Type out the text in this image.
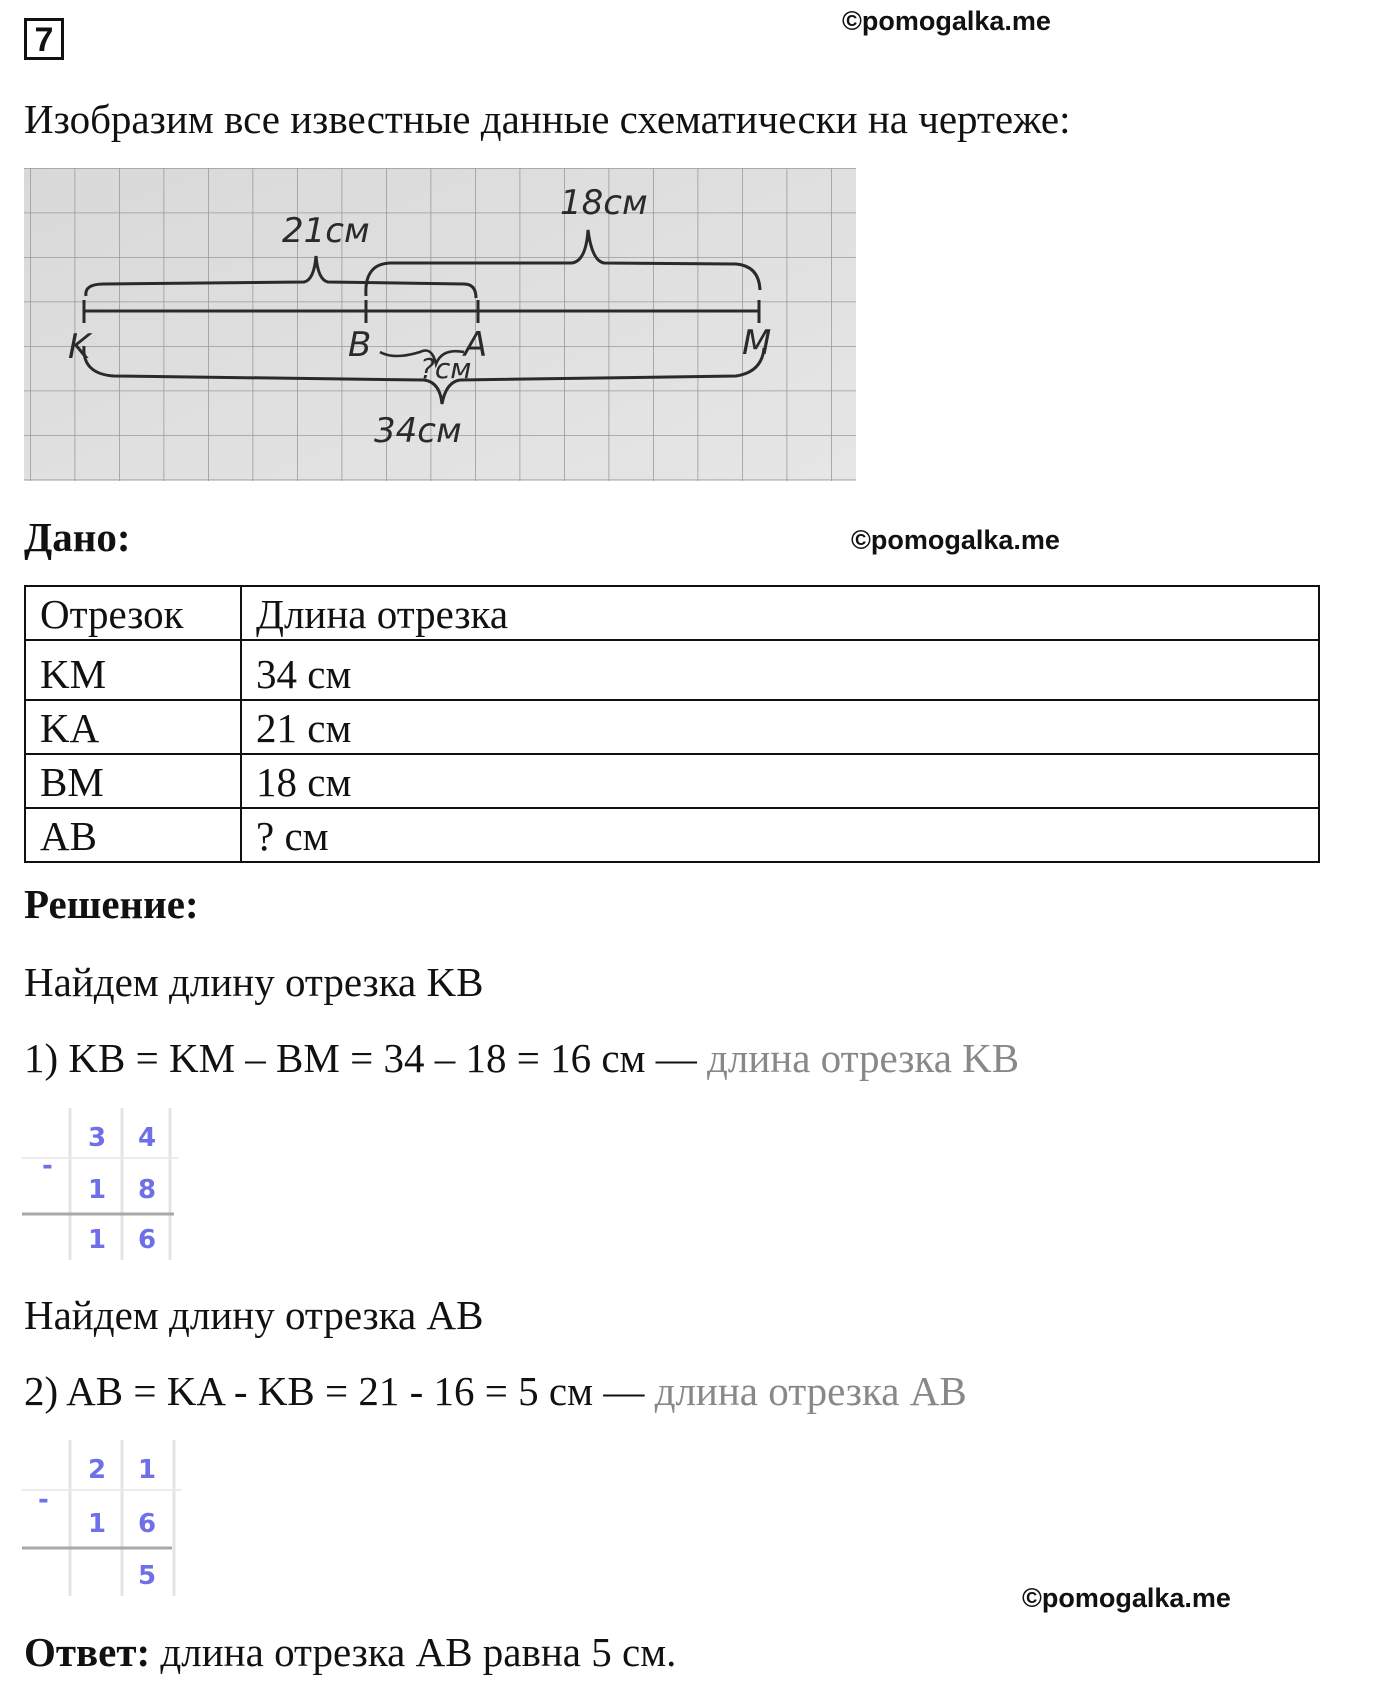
7	©pomogalka.me
©pomogalka.me
©pomogalka.me
Изобразим все известные данные схематически на чертеже:
21см
18см
?см
34см
K	B	A	M
Дано:
Отрезок	Длина отрезка
KM	34 см
KA	21 см
BM	18 см
AB	? см
Решение:
Найдем длину отрезка KB
1) KB = KM – BM = 34 – 18 = 16 см — длина отрезка KB
-
3 4
1 8
1 6
Найдем длину отрезка AB
2) AB = KA - KB = 21 - 16 = 5 см — длина отрезка AB
-
2 1
1 6
5
Ответ: длина отрезка AB равна 5 см.
